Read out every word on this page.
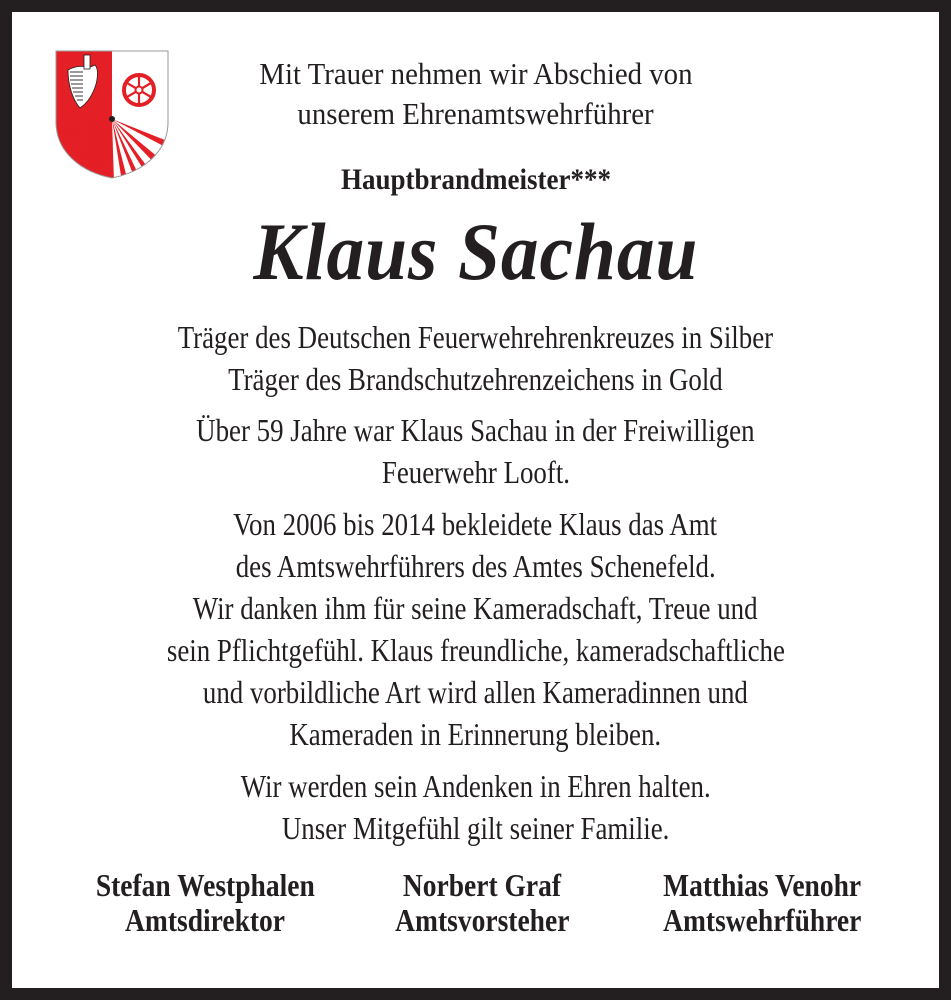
Mit Trauer nehmen wir Abschied von
unserem Ehrenamtswehrführer
Hauptbrandmeister***
Klaus Sachau
Träger des Deutschen Feuerwehrehrenkreuzes in Silber
Träger des Brandschutzehrenzeichens in Gold
Über 59 Jahre war Klaus Sachau in der Freiwilligen
Feuerwehr Looft.
Von 2006 bis 2014 bekleidete Klaus das Amt
des Amtswehrführers des Amtes Schenefeld.
Wir danken ihm für seine Kameradschaft, Treue und
sein Pflichtgefühl. Klaus freundliche, kameradschaftliche
und vorbildliche Art wird allen Kameradinnen und
Kameraden in Erinnerung bleiben.
Wir werden sein Andenken in Ehren halten.
Unser Mitgefühl gilt seiner Familie.
Stefan Westphalen
Amtsdirektor
Norbert Graf
Amtsvorsteher
Matthias Venohr
Amtswehrführer
